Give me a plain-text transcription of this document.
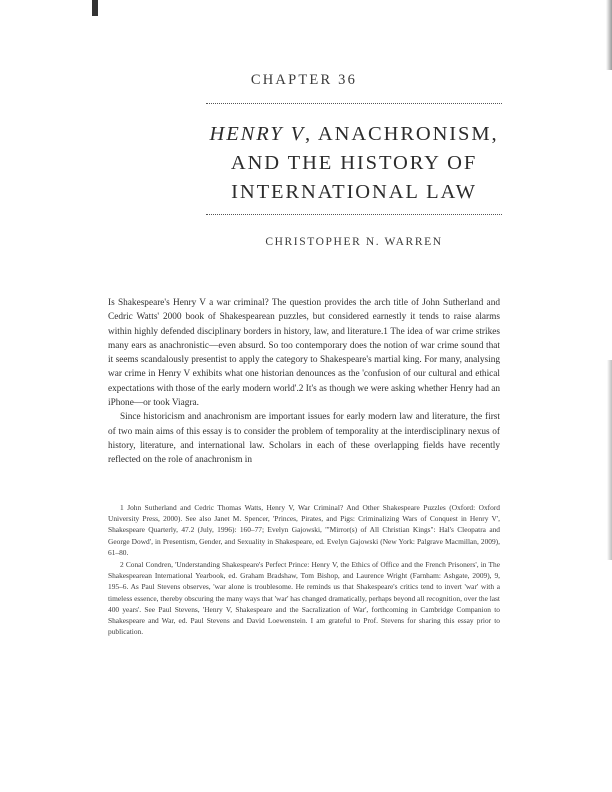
CHAPTER 36
HENRY V, ANACHRONISM,
AND THE HISTORY OF
INTERNATIONAL LAW
CHRISTOPHER N. WARREN

Is Shakespeare's Henry V a war criminal? The question provides the arch title of John Sutherland and Cedric Watts' 2000 book of Shakespearean puzzles, but considered earnestly it tends to raise alarms within highly defended disciplinary borders in history, law, and literature.1 The idea of war crime strikes many ears as anachronistic—even absurd. So too contemporary does the notion of war crime sound that it seems scandalously presentist to apply the category to Shakespeare's martial king. For many, analysing war crime in Henry V exhibits what one historian denounces as the 'confusion of our cultural and ethical expectations with those of the early modern world'.2 It's as though we were asking whether Henry had an iPhone—or took Viagra.

Since historicism and anachronism are important issues for early modern law and literature, the first of two main aims of this essay is to consider the problem of temporality at the interdisciplinary nexus of history, literature, and international law. Scholars in each of these overlapping fields have recently reflected on the role of anachronism in

1 John Sutherland and Cedric Thomas Watts, Henry V, War Criminal? And Other Shakespeare Puzzles (Oxford: Oxford University Press, 2000). See also Janet M. Spencer, 'Princes, Pirates, and Pigs: Criminalizing Wars of Conquest in Henry V', Shakespeare Quarterly, 47.2 (July, 1996): 160–77; Evelyn Gajowski, '"Mirror(s) of All Christian Kings": Hal's Cleopatra and George Dowd', in Presentism, Gender, and Sexuality in Shakespeare, ed. Evelyn Gajowski (New York: Palgrave Macmillan, 2009), 61–80.

2 Conal Condren, 'Understanding Shakespeare's Perfect Prince: Henry V, the Ethics of Office and the French Prisoners', in The Shakespearean International Yearbook, ed. Graham Bradshaw, Tom Bishop, and Laurence Wright (Farnham: Ashgate, 2009), 9, 195–6. As Paul Stevens observes, 'war alone is troublesome. He reminds us that Shakespeare's critics tend to invert 'war' with a timeless essence, thereby obscuring the many ways that 'war' has changed dramatically, perhaps beyond all recognition, over the last 400 years'. See Paul Stevens, 'Henry V, Shakespeare and the Sacralization of War', forthcoming in Cambridge Companion to Shakespeare and War, ed. Paul Stevens and David Loewenstein. I am grateful to Prof. Stevens for sharing this essay prior to publication.
